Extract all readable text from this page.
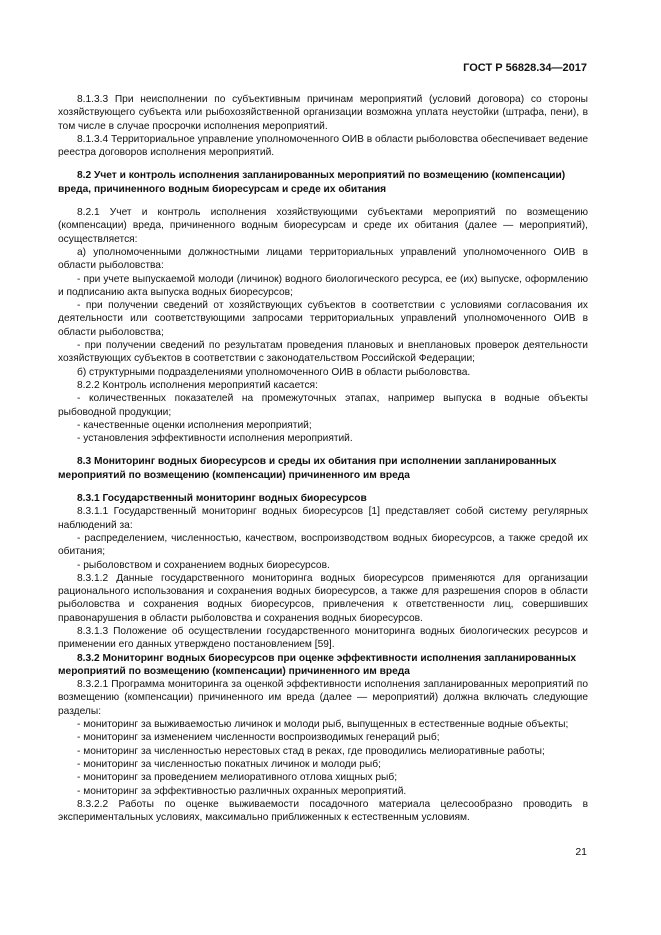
ГОСТ Р 56828.34—2017

8.1.3.3 При неисполнении по субъективным причинам мероприятий (условий договора) со стороны хозяйствующего субъекта или рыбохозяйственной организации возможна уплата неустойки (штрафа, пени), в том числе в случае просрочки исполнения мероприятий.

8.1.3.4 Территориальное управление уполномоченного ОИВ в области рыболовства обеспечивает ведение реестра договоров исполнения мероприятий.

8.2 Учет и контроль исполнения запланированных мероприятий по возмещению (компенсации) вреда, причиненного водным биоресурсам и среде их обитания

8.2.1 Учет и контроль исполнения хозяйствующими субъектами мероприятий по возмещению (компенсации) вреда, причиненного водным биоресурсам и среде их обитания (далее — мероприятий), осуществляется:

а) уполномоченными должностными лицами территориальных управлений уполномоченного ОИВ в области рыболовства:

- при учете выпускаемой молоди (личинок) водного биологического ресурса, ее (их) выпуске, оформлению и подписанию акта выпуска водных биоресурсов;

- при получении сведений от хозяйствующих субъектов в соответствии с условиями согласования их деятельности или соответствующими запросами территориальных управлений уполномоченного ОИВ в области рыболовства;

- при получении сведений по результатам проведения плановых и внеплановых проверок деятельности хозяйствующих субъектов в соответствии с законодательством Российской Федерации;

б) структурными подразделениями уполномоченного ОИВ в области рыболовства.

8.2.2 Контроль исполнения мероприятий касается:

- количественных показателей на промежуточных этапах, например выпуска в водные объекты рыбоводной продукции;

- качественные оценки исполнения мероприятий;

- установления эффективности исполнения мероприятий.

8.3 Мониторинг водных биоресурсов и среды их обитания при исполнении запланированных мероприятий по возмещению (компенсации) причиненного им вреда

8.3.1 Государственный мониторинг водных биоресурсов

8.3.1.1 Государственный мониторинг водных биоресурсов [1] представляет собой систему регулярных наблюдений за:

- распределением, численностью, качеством, воспроизводством водных биоресурсов, а также средой их обитания;

- рыболовством и сохранением водных биоресурсов.

8.3.1.2 Данные государственного мониторинга водных биоресурсов применяются для организации рационального использования и сохранения водных биоресурсов, а также для разрешения споров в области рыболовства и сохранения водных биоресурсов, привлечения к ответственности лиц, совершивших правонарушения в области рыболовства и сохранения водных биоресурсов.

8.3.1.3 Положение об осуществлении государственного мониторинга водных биологических ресурсов и применении его данных утверждено постановлением [59].

8.3.2 Мониторинг водных биоресурсов при оценке эффективности исполнения запланированных мероприятий по возмещению (компенсации) причиненного им вреда

8.3.2.1 Программа мониторинга за оценкой эффективности исполнения запланированных мероприятий по возмещению (компенсации) причиненного им вреда (далее — мероприятий) должна включать следующие разделы:

- мониторинг за выживаемостью личинок и молоди рыб, выпущенных в естественные водные объекты;

- мониторинг за изменением численности воспроизводимых генераций рыб;

- мониторинг за численностью нерестовых стад в реках, где проводились мелиоративные работы;

- мониторинг за численностью покатных личинок и молоди рыб;

- мониторинг за проведением мелиоративного отлова хищных рыб;

- мониторинг за эффективностью различных охранных мероприятий.

8.3.2.2 Работы по оценке выживаемости посадочного материала целесообразно проводить в экспериментальных условиях, максимально приближенных к естественным условиям.

21
